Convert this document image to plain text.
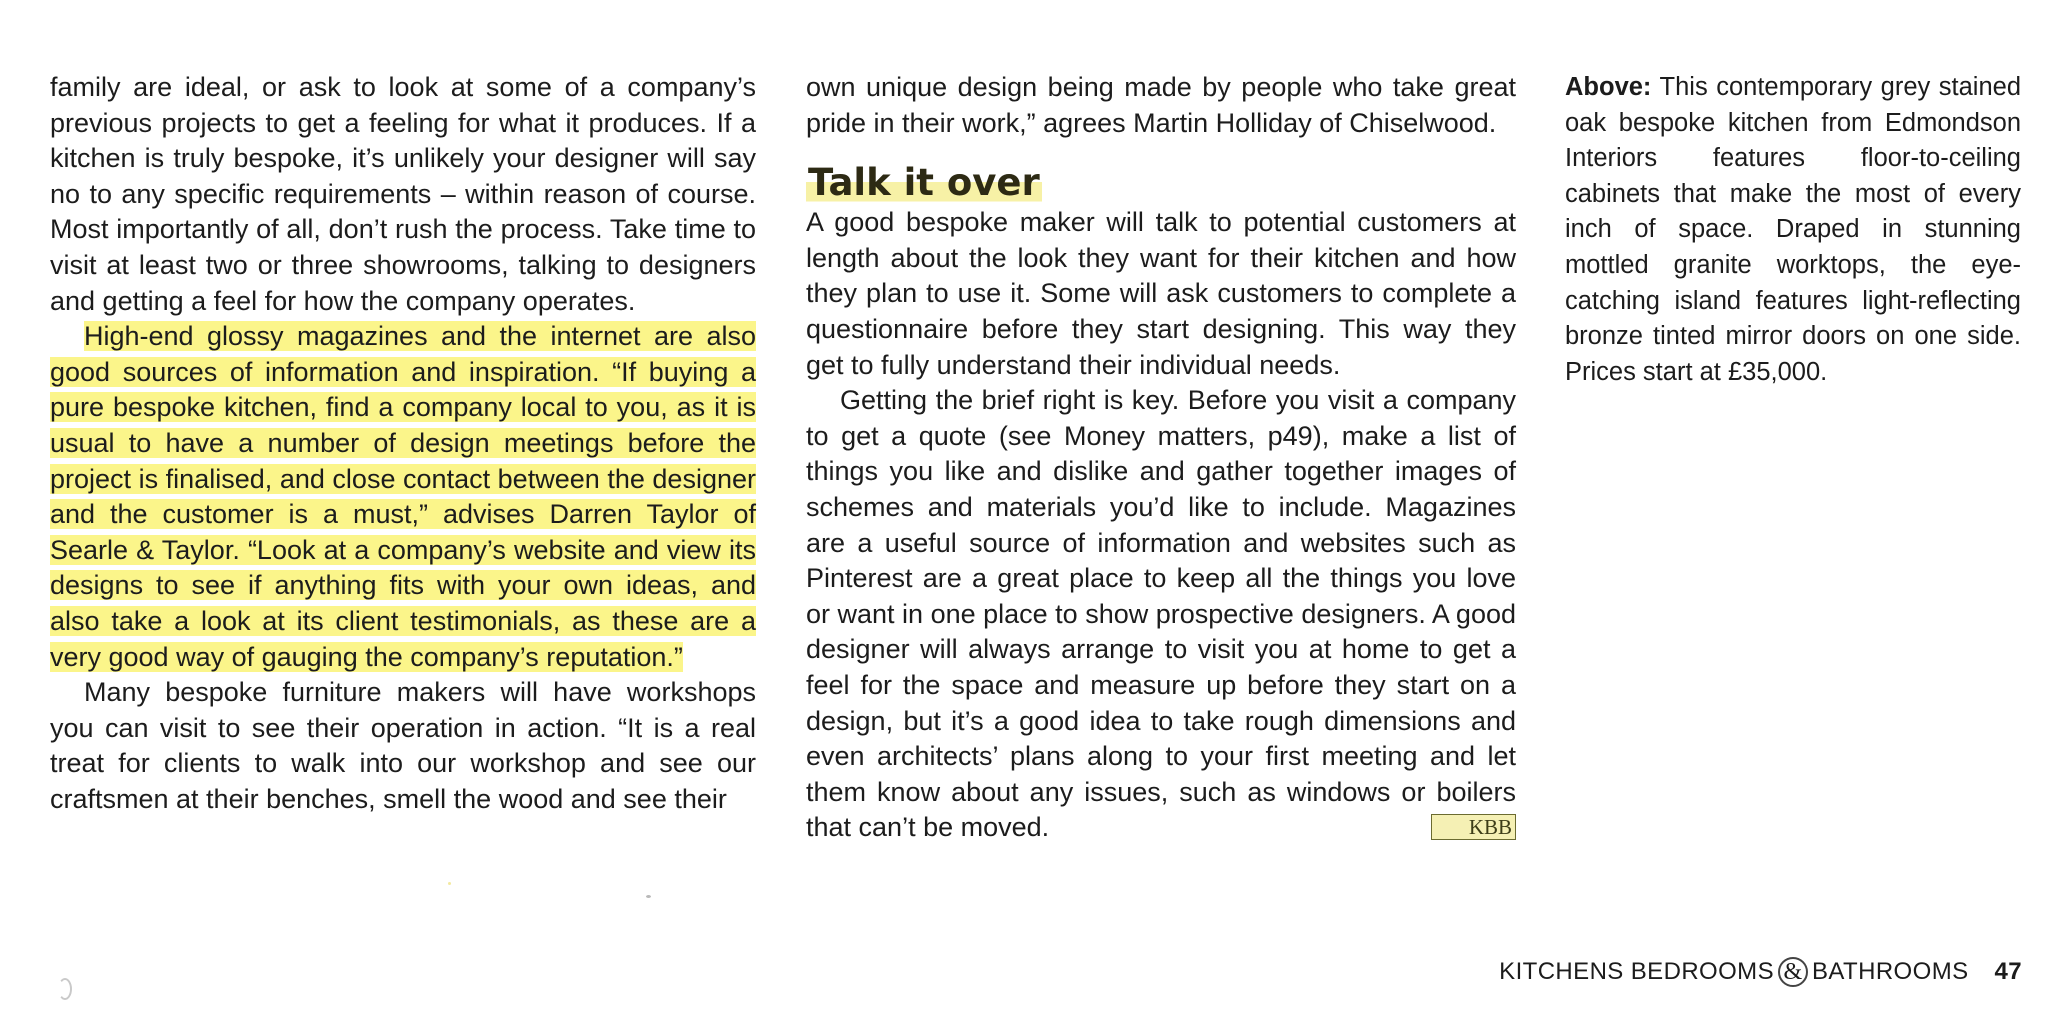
family are ideal, or ask to look at some of a company’s previous projects to get a feeling for what it produces. If a kitchen is truly bespoke, it’s unlikely your designer will say no to any specific requirements – within reason of course. Most importantly of all, don’t rush the process. Take time to visit at least two or three showrooms, talking to designers and getting a feel for how the company operates.

High-end glossy magazines and the internet are also good sources of information and inspiration. “If buying a pure bespoke kitchen, find a company local to you, as it is usual to have a number of design meetings before the project is finalised, and close contact between the designer and the customer is a must,” advises Darren Taylor of Searle & Taylor. “Look at a company’s website and view its designs to see if anything fits with your own ideas, and also take a look at its client testimonials, as these are a very good way of gauging the company’s reputation.”

Many bespoke furniture makers will have workshops you can visit to see their operation in action. “It is a real treat for clients to walk into our workshop and see our craftsmen at their benches, smell the wood and see their

own unique design being made by people who take great pride in their work,” agrees Martin Holliday of Chiselwood.

Talk it over

A good bespoke maker will talk to potential customers at length about the look they want for their kitchen and how they plan to use it. Some will ask customers to complete a questionnaire before they start designing. This way they get to fully understand their individual needs.

Getting the brief right is key. Before you visit a company to get a quote (see Money matters, p49), make a list of things you like and dislike and gather together images of schemes and materials you’d like to include. Magazines are a useful source of information and websites such as Pinterest are a great place to keep all the things you love or want in one place to show prospective designers. A good designer will always arrange to visit you at home to get a feel for the space and measure up before they start on a design, but it’s a good idea to take rough dimensions and even architects’ plans along to your first meeting and let them know about any issues, such as windows or boilers that can’t be moved.	KBB

Above: This contemporary grey stained oak bespoke kitchen from Edmondson Interiors features floor-to-ceiling cabinets that make the most of every inch of space. Draped in stunning mottled granite worktops, the eye-catching island features light-reflecting bronze tinted mirror doors on one side. Prices start at £35,000.

KITCHENS BEDROOMS & BATHROOMS 47
